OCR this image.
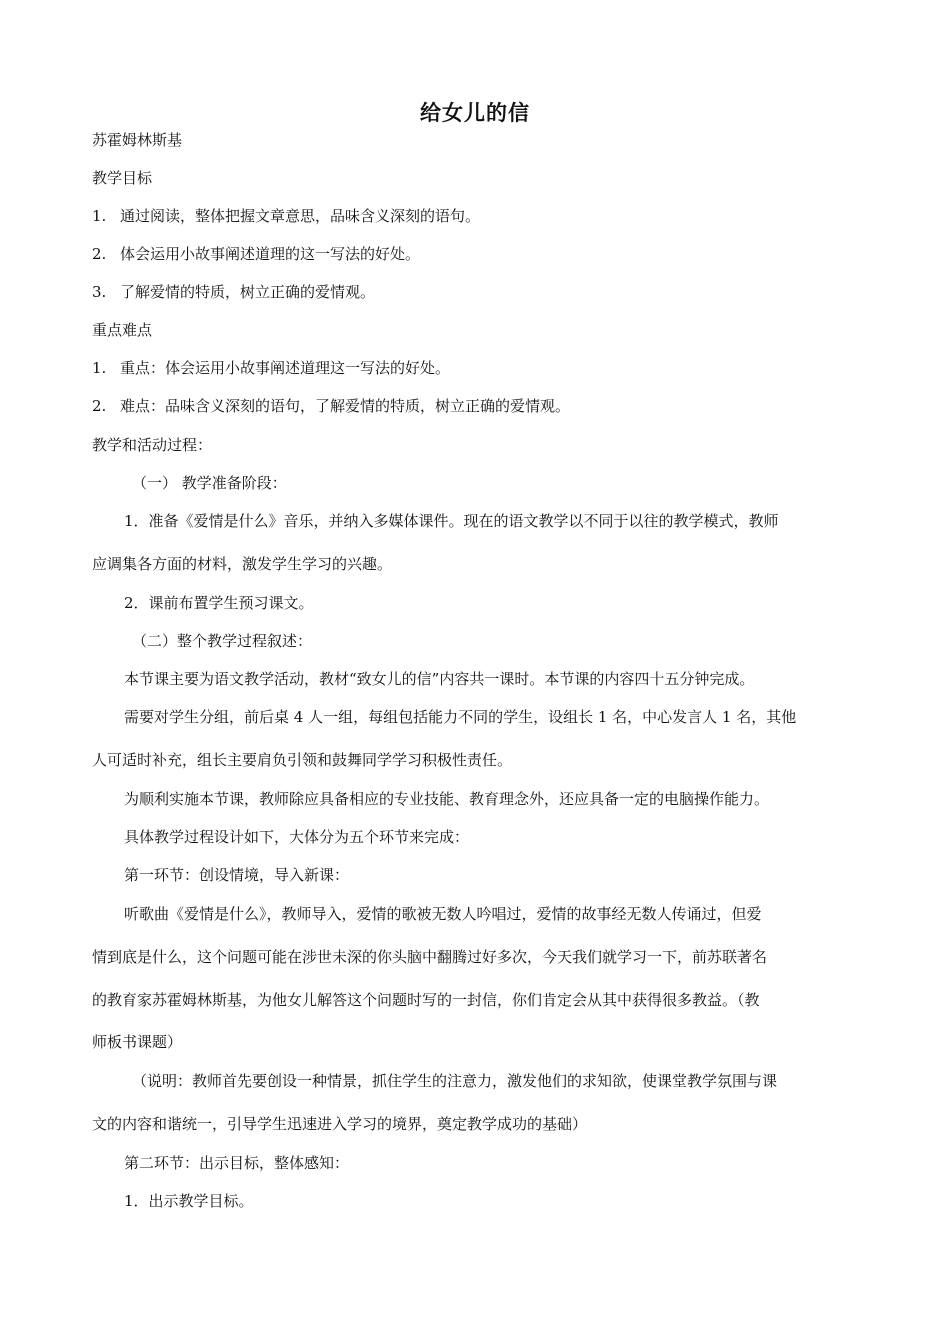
给女儿的信
苏霍姆林斯基
教学目标
1. 通过阅读，整体把握文章意思，品味含义深刻的语句。
2. 体会运用小故事阐述道理的这一写法的好处。
3. 了解爱情的特质，树立正确的爱情观。
重点难点
1. 重点：体会运用小故事阐述道理这一写法的好处。
2. 难点：品味含义深刻的语句，了解爱情的特质，树立正确的爱情观。
教学和活动过程：
（一） 教学准备阶段：
1．准备《爱情是什么》音乐，并纳入多媒体课件。现在的语文教学以不同于以往的教学模式，教师
应调集各方面的材料，激发学生学习的兴趣。
2．课前布置学生预习课文。
（二）整个教学过程叙述：
本节课主要为语文教学活动，教材“致女儿的信”内容共一课时。本节课的内容四十五分钟完成。
需要对学生分组，前后桌 4 人一组，每组包括能力不同的学生，设组长 1 名，中心发言人 1 名，其他
人可适时补充，组长主要肩负引领和鼓舞同学学习积极性责任。
为顺利实施本节课，教师除应具备相应的专业技能、教育理念外，还应具备一定的电脑操作能力。
具体教学过程设计如下，大体分为五个环节来完成：
第一环节：创设情境，导入新课：
听歌曲《爱情是什么》，教师导入，爱情的歌被无数人吟唱过，爱情的故事经无数人传诵过，但爱
情到底是什么，这个问题可能在涉世未深的你头脑中翻腾过好多次，今天我们就学习一下，前苏联著名
的教育家苏霍姆林斯基，为他女儿解答这个问题时写的一封信，你们肯定会从其中获得很多教益。（教
师板书课题）
（说明：教师首先要创设一种情景，抓住学生的注意力，激发他们的求知欲，使课堂教学氛围与课
文的内容和谐统一，引导学生迅速进入学习的境界，奠定教学成功的基础）
第二环节：出示目标，整体感知：
1．出示教学目标。
